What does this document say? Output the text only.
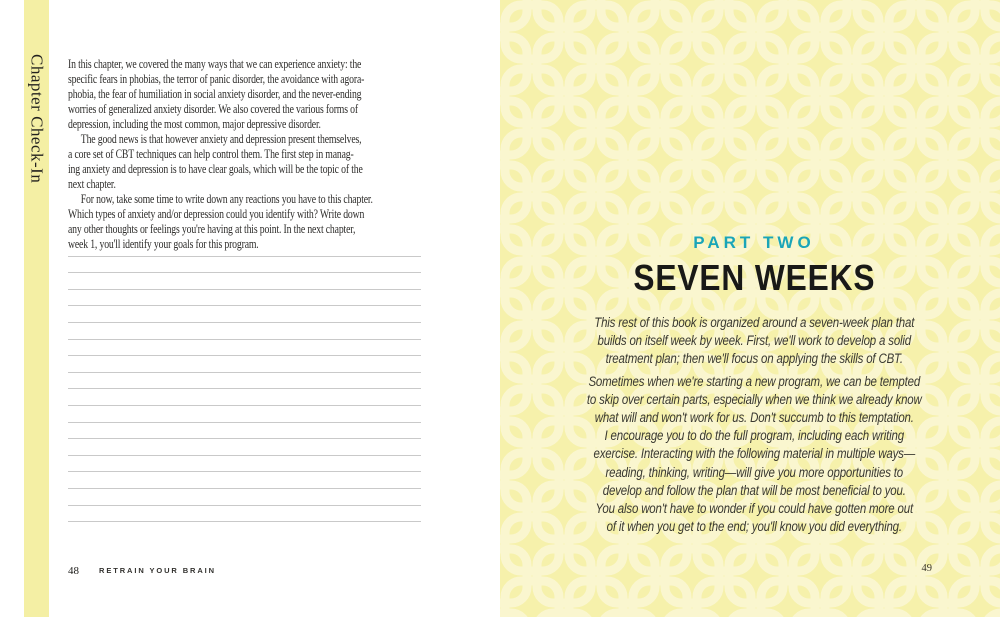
Chapter Check-In In this chapter, we covered the many ways that we can experience anxiety: the
specific fears in phobias, the terror of panic disorder, the avoidance with agora-
phobia, the fear of humiliation in social anxiety disorder, and the never-ending
worries of generalized anxiety disorder. We also covered the various forms of
depression, including the most common, major depressive disorder.
The good news is that however anxiety and depression present themselves,
a core set of CBT techniques can help control them. The first step in manag-
ing anxiety and depression is to have clear goals, which will be the topic of the
next chapter.
For now, take some time to write down any reactions you have to this chapter.
Which types of anxiety and/or depression could you identify with? Write down
any other thoughts or feelings you're having at this point. In the next chapter,
week 1, you'll identify your goals for this program.
48	RETRAIN YOUR BRAIN
PART TWO
SEVEN WEEKS
This rest of this book is organized around a seven-week plan that
builds on itself week by week. First, we'll work to develop a solid
treatment plan; then we'll focus on applying the skills of CBT.
Sometimes when we're starting a new program, we can be tempted
to skip over certain parts, especially when we think we already know
what will and won't work for us. Don't succumb to this temptation.
I encourage you to do the full program, including each writing
exercise. Interacting with the following material in multiple ways—
reading, thinking, writing—will give you more opportunities to
develop and follow the plan that will be most beneficial to you.
You also won't have to wonder if you could have gotten more out
of it when you get to the end; you'll know you did everything.
49
